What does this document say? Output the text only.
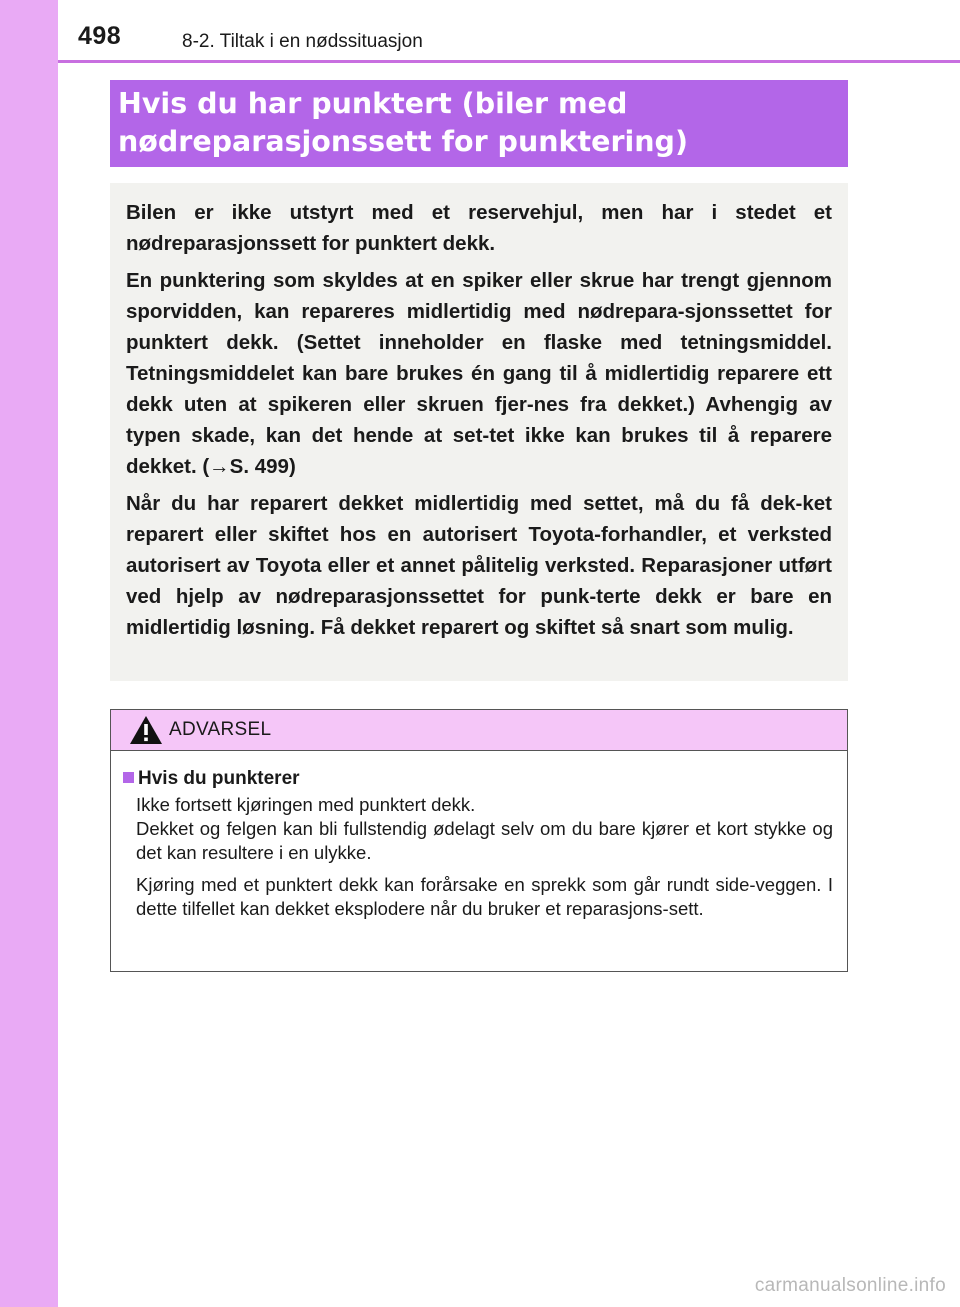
498	8-2. Tiltak i en nødssituasjon
Hvis du har punktert (biler med
nødreparasjonssett for punktering)

Bilen er ikke utstyrt med et reservehjul, men har i stedet et nødreparasjonssett for punktert dekk.

En punktering som skyldes at en spiker eller skrue har trengt gjennom sporvidden, kan repareres midlertidig med nødrepara-sjonssettet for punktert dekk. (Settet inneholder en flaske med tetningsmiddel. Tetningsmiddelet kan bare brukes én gang til å midlertidig reparere ett dekk uten at spikeren eller skruen fjer-nes fra dekket.) Avhengig av typen skade, kan det hende at set-tet ikke kan brukes til å reparere dekket. (→S. 499)

Når du har reparert dekket midlertidig med settet, må du få dek-ket reparert eller skiftet hos en autorisert Toyota-forhandler, et verksted autorisert av Toyota eller et annet pålitelig verksted. Reparasjoner utført ved hjelp av nødreparasjonssettet for punk-terte dekk er bare en midlertidig løsning. Få dekket reparert og skiftet så snart som mulig.

ADVARSEL
Hvis du punkterer

Ikke fortsett kjøringen med punktert dekk.

Dekket og felgen kan bli fullstendig ødelagt selv om du bare kjører et kort stykke og det kan resultere i en ulykke.

Kjøring med et punktert dekk kan forårsake en sprekk som går rundt side-veggen. I dette tilfellet kan dekket eksplodere når du bruker et reparasjons-sett.

carmanualsonline.info
